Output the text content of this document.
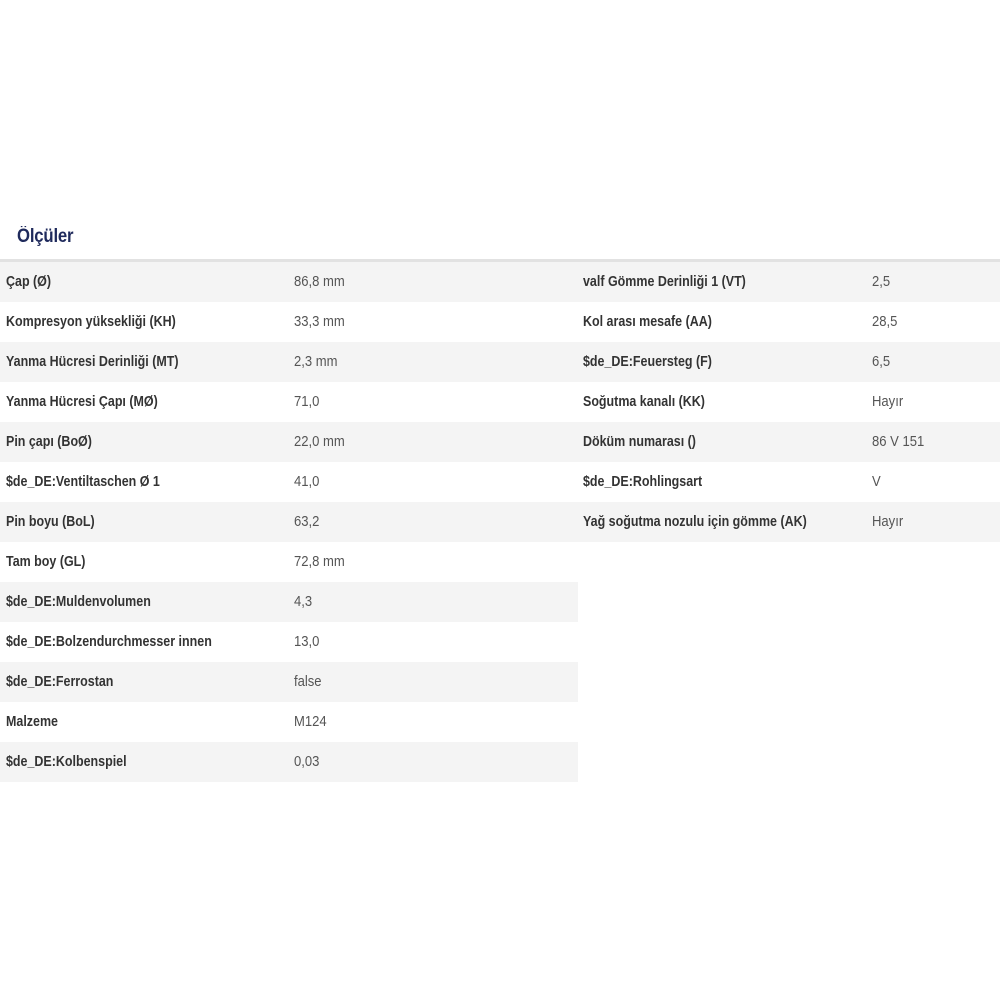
Ölçüler
Çap (Ø)	86,8 mm
Kompresyon yüksekliği (KH)	33,3 mm
Yanma Hücresi Derinliği (MT)	2,3 mm
Yanma Hücresi Çapı (MØ)	71,0
Pin çapı (BoØ)	22,0 mm
$de_DE:Ventiltaschen Ø 1	41,0
Pin boyu (BoL)	63,2
Tam boy (GL)	72,8 mm
$de_DE:Muldenvolumen	4,3
$de_DE:Bolzendurchmesser innen	13,0
$de_DE:Ferrostan	false
Malzeme	M124
$de_DE:Kolbenspiel	0,03
valf Gömme Derinliği 1 (VT)	2,5
Kol arası mesafe (AA)	28,5
$de_DE:Feuersteg (F)	6,5
Soğutma kanalı (KK)	Hayır
Döküm numarası ()	86 V 151
$de_DE:Rohlingsart	V
Yağ soğutma nozulu için gömme (AK)	Hayır
